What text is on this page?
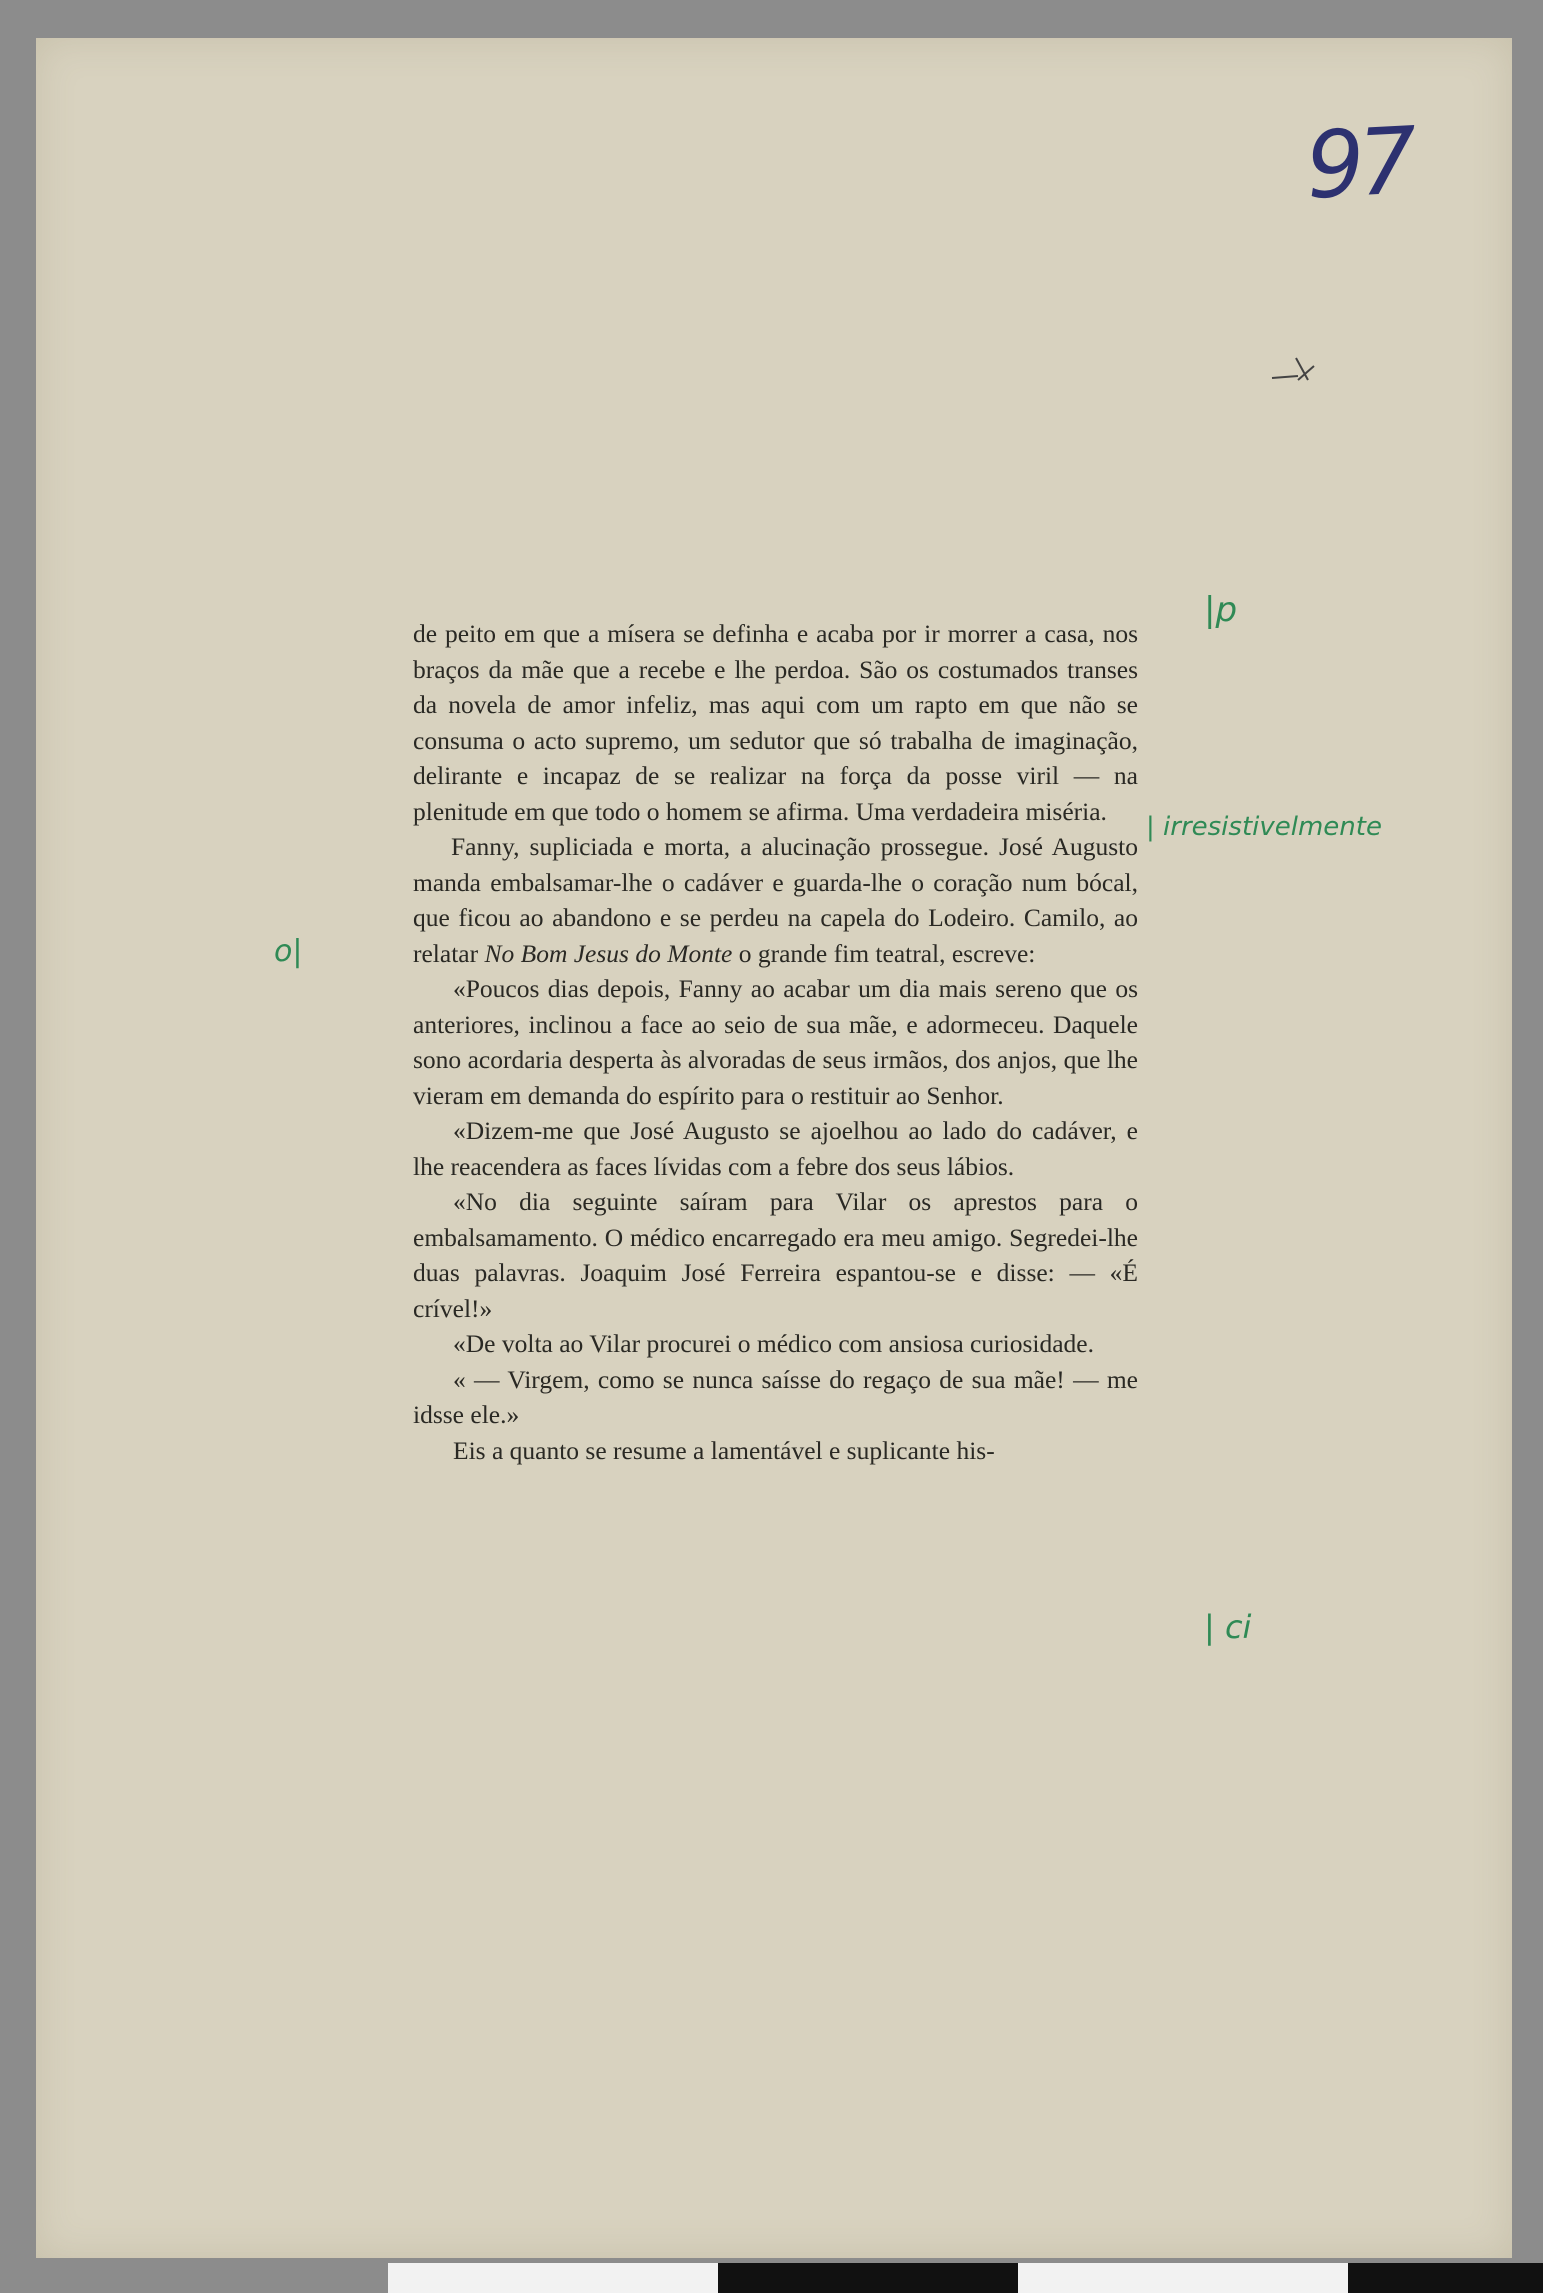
97

de peito em que a mísera se definha e acaba por ir morrer a casa, nos braços da mãe que a recebe e lhe perdoa. São os costumados transes da novela de amor infeliz, mas aqui com um rapto em que não se consuma o acto supremo, um sedutor que só trabalha de imaginação, delirante e incapaz de se realizar na força da posse viril — na plenitude em que todo o homem se afirma. Uma verdadeira miséria.

Fanny, supliciada e morta, a alucinação prossegue. José Augusto manda embalsamar-lhe o cadáver e guarda-lhe o coração num bócal, que ficou ao abandono e se perdeu na capela do Lodeiro. Camilo, ao relatar No Bom Jesus do Monte o grande fim teatral, escreve:

«Poucos dias depois, Fanny ao acabar um dia mais sereno que os anteriores, inclinou a face ao seio de sua mãe, e adormeceu. Daquele sono acordaria desperta às alvoradas de seus irmãos, dos anjos, que lhe vieram em demanda do espírito para o restituir ao Senhor.

«Dizem-me que José Augusto se ajoelhou ao lado do cadáver, e lhe reacendera as faces lívidas com a febre dos seus lábios.

«No dia seguinte saíram para Vilar os aprestos para o embalsamamento. O médico encarregado era meu amigo. Segredei-lhe duas palavras. Joaquim José Ferreira espantou-se e disse: — «É crível!»

«De volta ao Vilar procurei o médico com ansiosa curiosidade.

« — Virgem, como se nunca saísse do regaço de sua mãe! — me idsse ele.»

Eis a quanto se resume a lamentável e suplicante his-

|p
| irresistivelmente
o|
| ci
